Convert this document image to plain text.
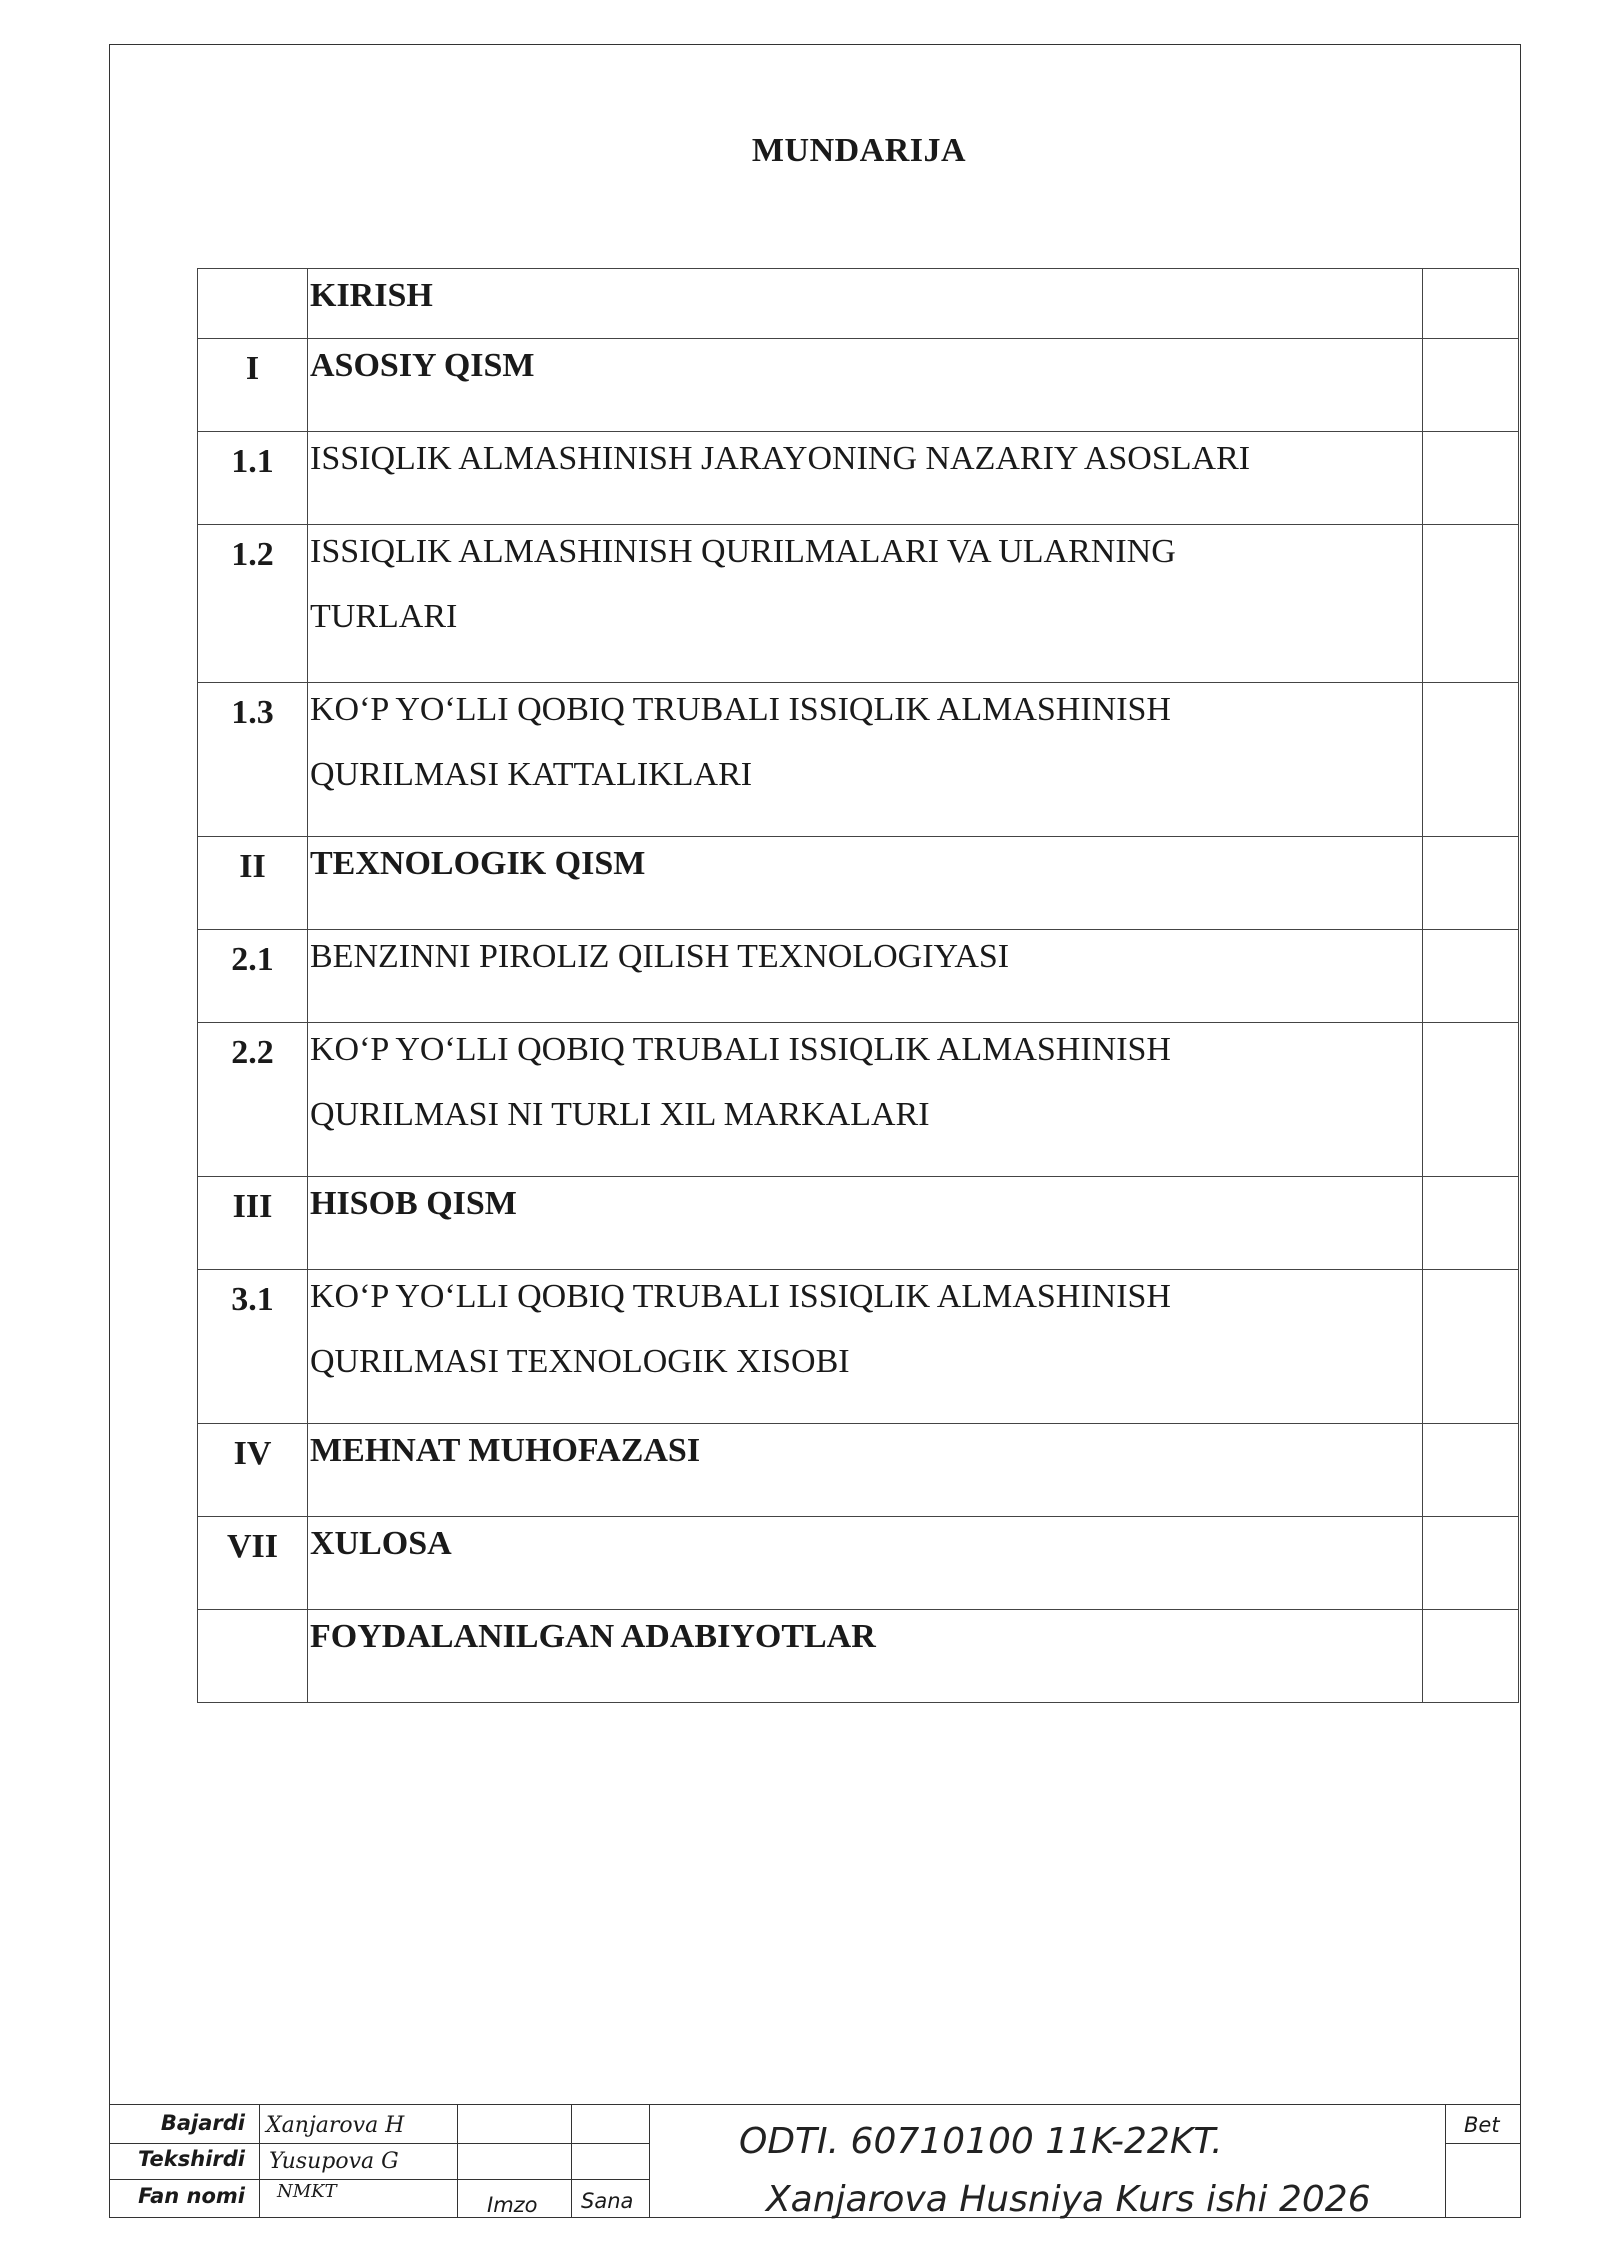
MUNDARIJA

	KIRISH	

I	ASOSIY QISM	

1.1	ISSIQLIK ALMASHINISH JARAYONING NAZARIY ASOSLARI	

1.2	ISSIQLIK ALMASHINISH QURILMALARI VA ULARNING
TURLARI	

1.3	KO‘P YO‘LLI QOBIQ TRUBALI ISSIQLIK ALMASHINISH
QURILMASI KATTALIKLARI	

II	TEXNOLOGIK QISM	

2.1	BENZINNI PIROLIZ QILISH TEXNOLOGIYASI	

2.2	KO‘P YO‘LLI QOBIQ TRUBALI ISSIQLIK ALMASHINISH
QURILMASI NI TURLI XIL MARKALARI	

III	HISOB QISM	

3.1	KO‘P YO‘LLI QOBIQ TRUBALI ISSIQLIK ALMASHINISH
QURILMASI TEXNOLOGIK XISOBI	

IV	MEHNAT MUHOFAZASI	

VII	XULOSA	

	FOYDALANILGAN ADABIYOTLAR	

Bajardi Xanjarova H
Tekshirdi Yusupova G
Fan nomi NMKT
Imzo Sana
ODTI. 60710100 11K-22KT.
Xanjarova Husniya Kurs ishi 2026
Bet
